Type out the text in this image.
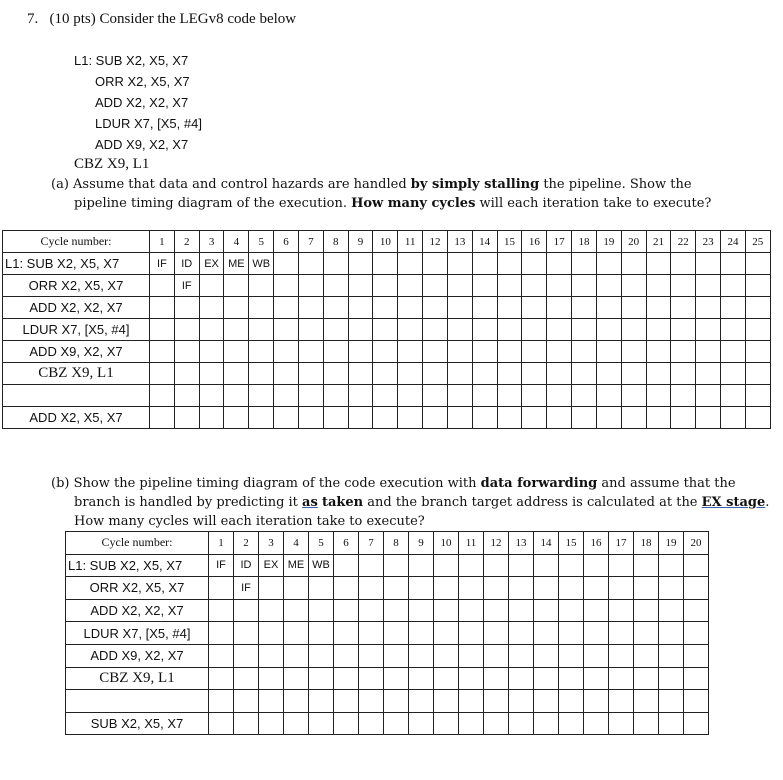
7. (10 pts) Consider the LEGv8 code below
L1: SUB X2, X5, X7
ORR X2, X5, X7
ADD X2, X2, X7
LDUR X7, [X5, #4]
ADD X9, X2, X7
CBZ X9, L1
(a) Assume that data and control hazards are handled by simply stalling the pipeline. Show the
pipeline timing diagram of the execution. How many cycles will each iteration take to execute?
Cycle number:	1	2	3	4	5	6	7	8	9	10	11	12	13	14	15	16	17	18	19	20	21	22	23	24	25
L1: SUB X2, X5, X7	IF	ID	EX	ME	WB																				
ORR X2, X5, X7		IF																							
ADD X2, X2, X7																									
LDUR X7, [X5, #4]																									
ADD X9, X2, X7																									
CBZ X9, L1																									

ADD X2, X5, X7																									
(b) Show the pipeline timing diagram of the code execution with data forwarding and assume that the
branch is handled by predicting it as taken and the branch target address is calculated at the EX stage.
How many cycles will each iteration take to execute?
Cycle number:	1	2	3	4	5	6	7	8	9	10	11	12	13	14	15	16	17	18	19	20
L1: SUB X2, X5, X7	IF	ID	EX	ME	WB															
ORR X2, X5, X7		IF																		
ADD X2, X2, X7																				
LDUR X7, [X5, #4]																				
ADD X9, X2, X7																				
CBZ X9, L1																				

SUB X2, X5, X7																				
